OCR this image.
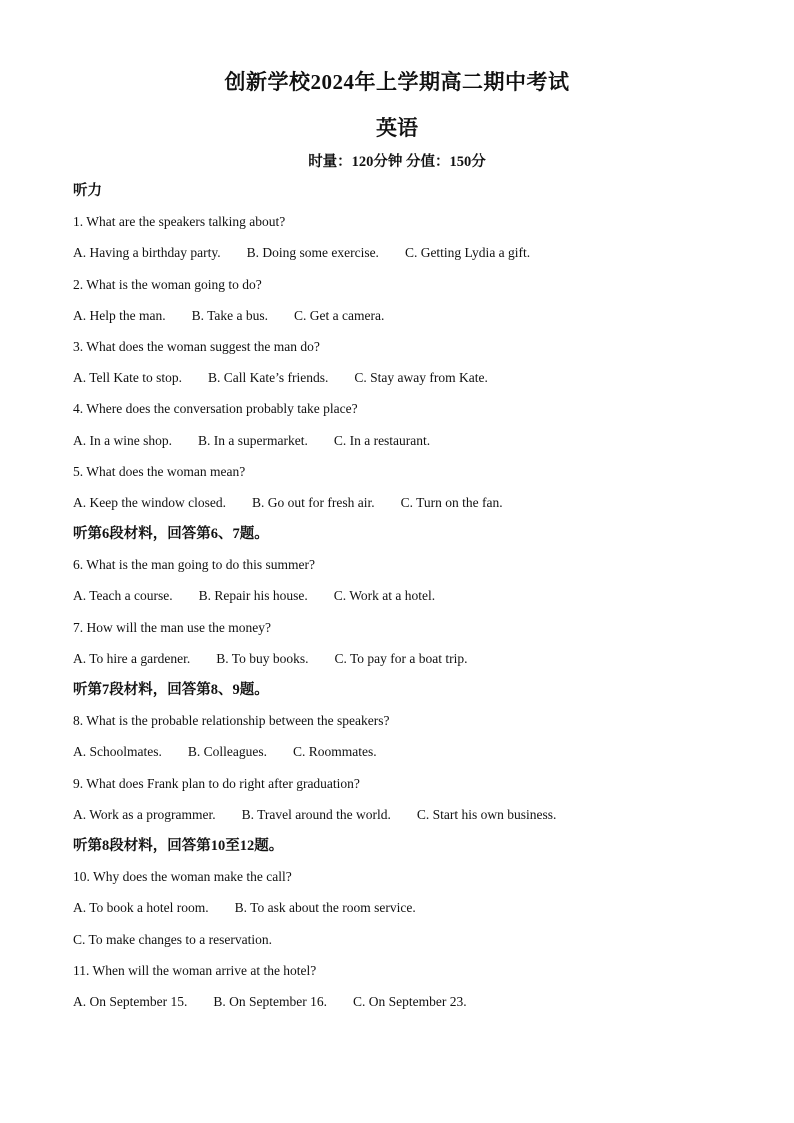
创新学校2024年上学期高二期中考试
英语
时量：120分钟 分值：150分
听力
1. What are the speakers talking about?
A. Having a birthday party. B. Doing some exercise. C. Getting Lydia a gift.
2. What is the woman going to do?
A. Help the man. B. Take a bus. C. Get a camera.
3. What does the woman suggest the man do?
A. Tell Kate to stop. B. Call Kate’s friends. C. Stay away from Kate.
4. Where does the conversation probably take place?
A. In a wine shop. B. In a supermarket. C. In a restaurant.
5. What does the woman mean?
A. Keep the window closed. B. Go out for fresh air. C. Turn on the fan.
听第6段材料，回答第6、7题。
6. What is the man going to do this summer?
A. Teach a course. B. Repair his house. C. Work at a hotel.
7. How will the man use the money?
A. To hire a gardener. B. To buy books. C. To pay for a boat trip.
听第7段材料，回答第8、9题。
8. What is the probable relationship between the speakers?
A. Schoolmates. B. Colleagues. C. Roommates.
9. What does Frank plan to do right after graduation?
A. Work as a programmer. B. Travel around the world. C. Start his own business.
听第8段材料，回答第10至12题。
10. Why does the woman make the call?
A. To book a hotel room. B. To ask about the room service.
C. To make changes to a reservation.
11. When will the woman arrive at the hotel?
A. On September 15. B. On September 16. C. On September 23.
